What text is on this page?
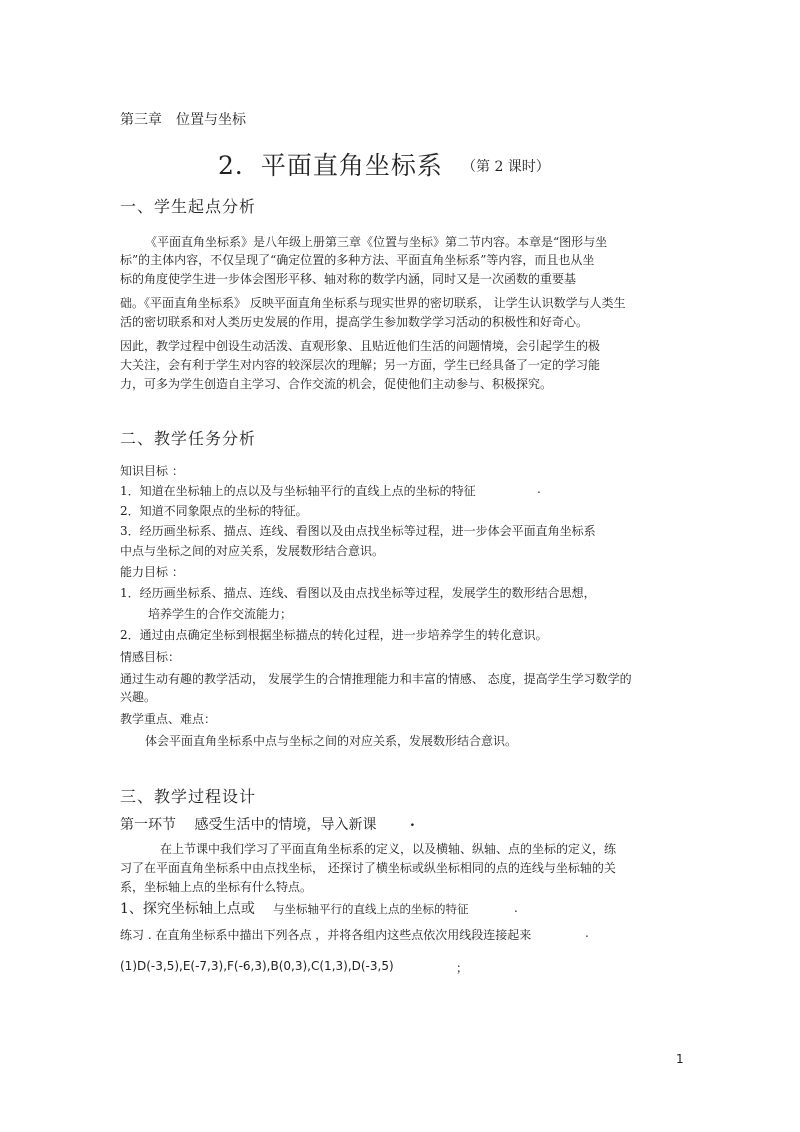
第三章　位置与坐标
2．平面直角坐标系 （第 2 课时）
一、学生起点分析
《平面直角坐标系》是八年级上册第三章《位置与坐标》第二节内容。本章是“图形与坐
标”的主体内容，不仅呈现了“确定位置的多种方法、平面直角坐标系”等内容，而且也从坐
标的角度使学生进一步体会图形平移、轴对称的数学内涵，同时又是一次函数的重要基
础。《平面直角坐标系》 反映平面直角坐标系与现实世界的密切联系， 让学生认识数学与人类生
活的密切联系和对人类历史发展的作用，提高学生参加数学学习活动的积极性和好奇心。
因此，教学过程中创设生动活泼、直观形象、且贴近他们生活的问题情境，会引起学生的极
大关注，会有利于学生对内容的较深层次的理解；另一方面，学生已经具备了一定的学习能
力，可多为学生创造自主学习、合作交流的机会，促使他们主动参与、积极探究。
二、教学任务分析
知识目标 ：
1．知道在坐标轴上的点以及与坐标轴平行的直线上点的坐标的特征	.
2．知道不同象限点的坐标的特征。
3．经历画坐标系、描点、连线、看图以及由点找坐标等过程，进一步体会平面直角坐标系
中点与坐标之间的对应关系，发展数形结合意识。
能力目标 ：
1．经历画坐标系、描点、连线、看图以及由点找坐标等过程，发展学生的数形结合思想，
培养学生的合作交流能力；
2．通过由点确定坐标到根据坐标描点的转化过程，进一步培养学生的转化意识。
情感目标：
通过生动有趣的教学活动， 发展学生的合情推理能力和丰富的情感、 态度，提高学生学习数学的
兴趣。
教学重点、难点：
体会平面直角坐标系中点与坐标之间的对应关系，发展数形结合意识。
三、教学过程设计
第一环节　 感受生活中的情境，导入新课 .
在上节课中我们学习了平面直角坐标系的定义，以及横轴、纵轴、点的坐标的定义，练
习了在平面直角坐标系中由点找坐标， 还探讨了横坐标或纵坐标相同的点的连线与坐标轴的关
系，坐标轴上点的坐标有什么特点。
1、探究坐标轴上点或 与坐标轴平行的直线上点的坐标的特征	.
练习 . 在直角坐标系中描出下列各点 ，并将各组内这些点依次用线段连接起来	.
(1)D(-3,5),E(-7,3),F(-6,3),B(0,3),C(1,3),D(-3,5)	；
1
